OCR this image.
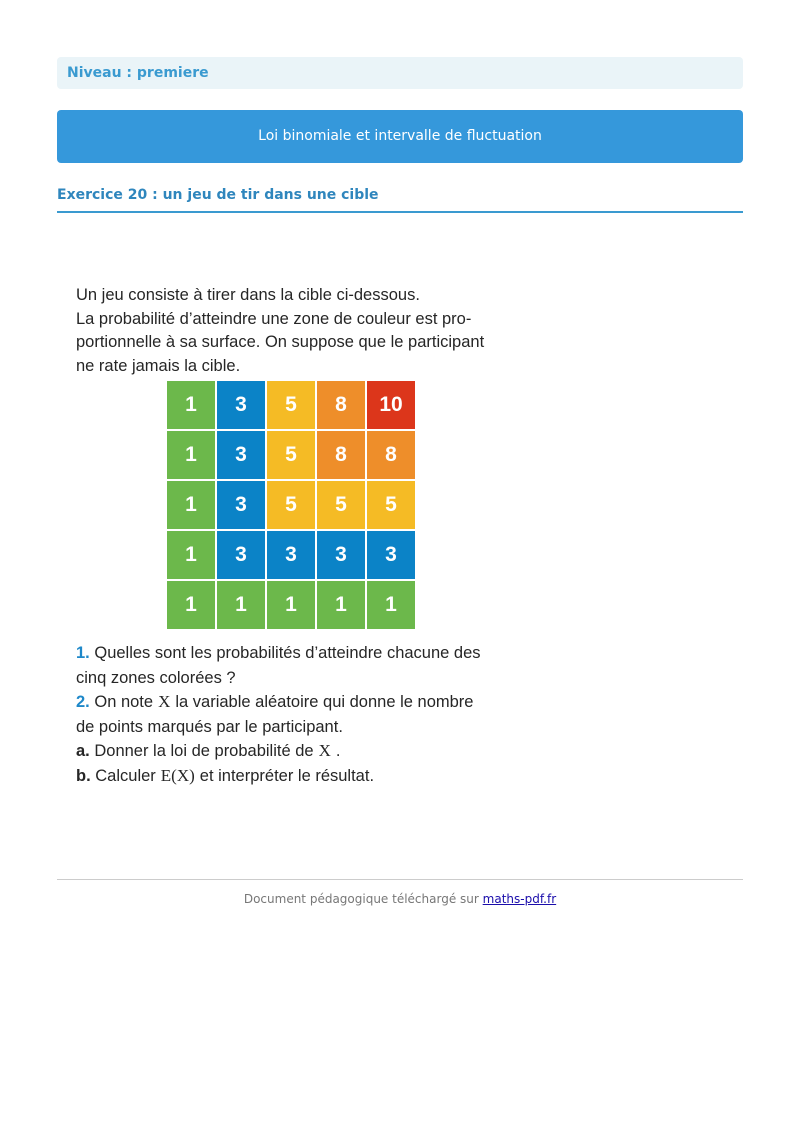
Niveau : premiere
Loi binomiale et intervalle de fluctuation
Exercice 20 : un jeu de tir dans une cible

Un jeu consiste à tirer dans la cible ci-dessous.

La probabilité d’atteindre une zone de couleur est pro-

portionnelle à sa surface. On suppose que le participant

ne rate jamais la cible.

1	3	5	8	10
1	3	5	8	8
1	3	5	5	5
1	3	3	3	3
1	1	1	1	1

1. Quelles sont les probabilités d’atteindre chacune des
cinq zones colorées ?

2. On note X la variable aléatoire qui donne le nombre
de points marqués par le participant.

a. Donner la loi de probabilité de X .

b. Calculer E(X) et interpréter le résultat.

Document pédagogique téléchargé sur maths-pdf.fr
